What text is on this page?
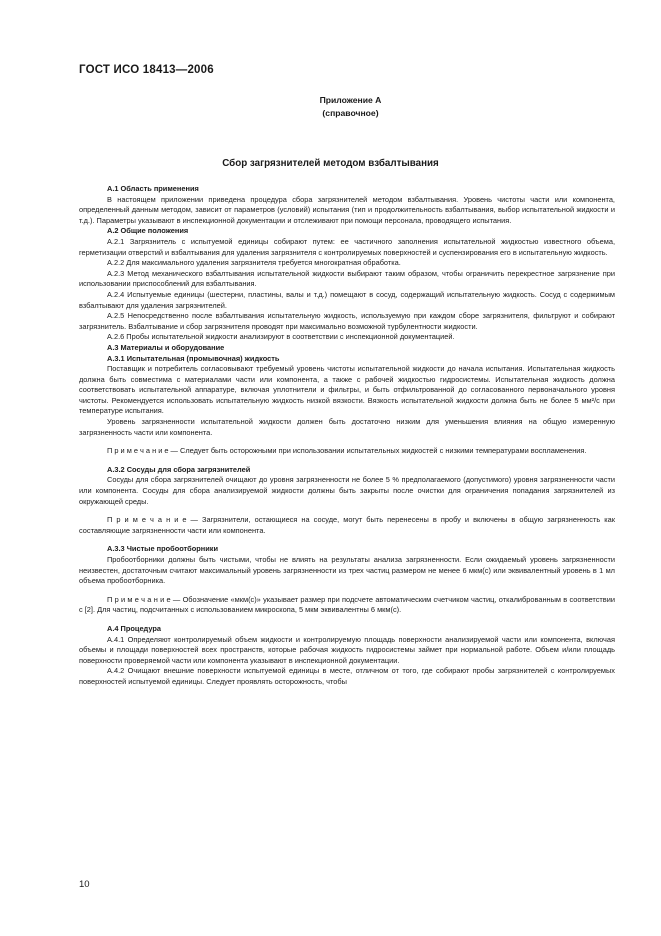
ГОСТ ИСО 18413—2006
Приложение А
(справочное)
Сбор загрязнителей методом взбалтывания

А.1 Область применения

В настоящем приложении приведена процедура сбора загрязнителей методом взбалтывания. Уровень чистоты части или компонента, определенный данным методом, зависит от параметров (условий) испытания (тип и продолжительность взбалтывания, выбор испытательной жидкости и т.д.). Параметры указывают в инспекционной документации и отслеживают при помощи персонала, проводящего испытания.

А.2 Общие положения

А.2.1 Загрязнитель с испытуемой единицы собирают путем: ее частичного заполнения испытательной жидкостью известного объема, герметизации отверстий и взбалтывания для удаления загрязнителя с контролируемых поверхностей и суспензирования его в испытательную жидкость.

А.2.2 Для максимального удаления загрязнителя требуется многократная обработка.

А.2.3 Метод механического взбалтывания испытательной жидкости выбирают таким образом, чтобы ограничить перекрестное загрязнение при использовании приспособлений для взбалтывания.

А.2.4 Испытуемые единицы (шестерни, пластины, валы и т.д.) помещают в сосуд, содержащий испытательную жидкость. Сосуд с содержимым взбалтывают для удаления загрязнителей.

А.2.5 Непосредственно после взбалтывания испытательную жидкость, используемую при каждом сборе загрязнителя, фильтруют и собирают загрязнитель. Взбалтывание и сбор загрязнителя проводят при максимально возможной турбулентности жидкости.

А.2.6 Пробы испытательной жидкости анализируют в соответствии с инспекционной документацией.

А.3 Материалы и оборудование

А.3.1 Испытательная (промывочная) жидкость

Поставщик и потребитель согласовывают требуемый уровень чистоты испытательной жидкости до начала испытания. Испытательная жидкость должна быть совместима с материалами части или компонента, а также с рабочей жидкостью гидросистемы. Испытательная жидкость должна соответствовать испытательной аппаратуре, включая уплотнители и фильтры, и быть отфильтрованной до согласованного первоначального уровня чистоты. Рекомендуется использовать испытательную жидкость низкой вязкости. Вязкость испытательной жидкости должна быть не более 5 мм²/с при температуре испытания.

Уровень загрязненности испытательной жидкости должен быть достаточно низким для уменьшения влияния на общую измеренную загрязненность части или компонента.

П р и м е ч а н и е — Следует быть осторожными при использовании испытательных жидкостей с низкими температурами воспламенения.

А.3.2 Сосуды для сбора загрязнителей

Сосуды для сбора загрязнителей очищают до уровня загрязненности не более 5 % предполагаемого (допустимого) уровня загрязненности части или компонента. Сосуды для сбора анализируемой жидкости должны быть закрыты после очистки для ограничения попадания загрязнителей из окружающей среды.

П р и м е ч а н и е — Загрязнители, остающиеся на сосуде, могут быть перенесены в пробу и включены в общую загрязненность как составляющие загрязненности части или компонента.

А.3.3 Чистые пробоотборники

Пробоотборники должны быть чистыми, чтобы не влиять на результаты анализа загрязненности. Если ожидаемый уровень загрязненности неизвестен, достаточным считают максимальный уровень загрязненности из трех частиц размером не менее 6 мкм(с) или эквивалентный уровень в 1 мл объема пробоотборника.

П р и м е ч а н и е — Обозначение «мкм(с)» указывает размер при подсчете автоматическим счетчиком частиц, откалиброванным в соответствии с [2]. Для частиц, подсчитанных с использованием микроскопа, 5 мкм эквивалентны 6 мкм(с).

А.4 Процедура

А.4.1 Определяют контролируемый объем жидкости и контролируемую площадь поверхности анализируемой части или компонента, включая объемы и площади поверхностей всех пространств, которые рабочая жидкость гидросистемы займет при нормальной работе. Объем и/или площадь поверхности проверяемой части или компонента указывают в инспекционной документации.

А.4.2 Очищают внешние поверхности испытуемой единицы в месте, отличном от того, где собирают пробы загрязнителей с контролируемых поверхностей испытуемой единицы. Следует проявлять осторожность, чтобы

10
